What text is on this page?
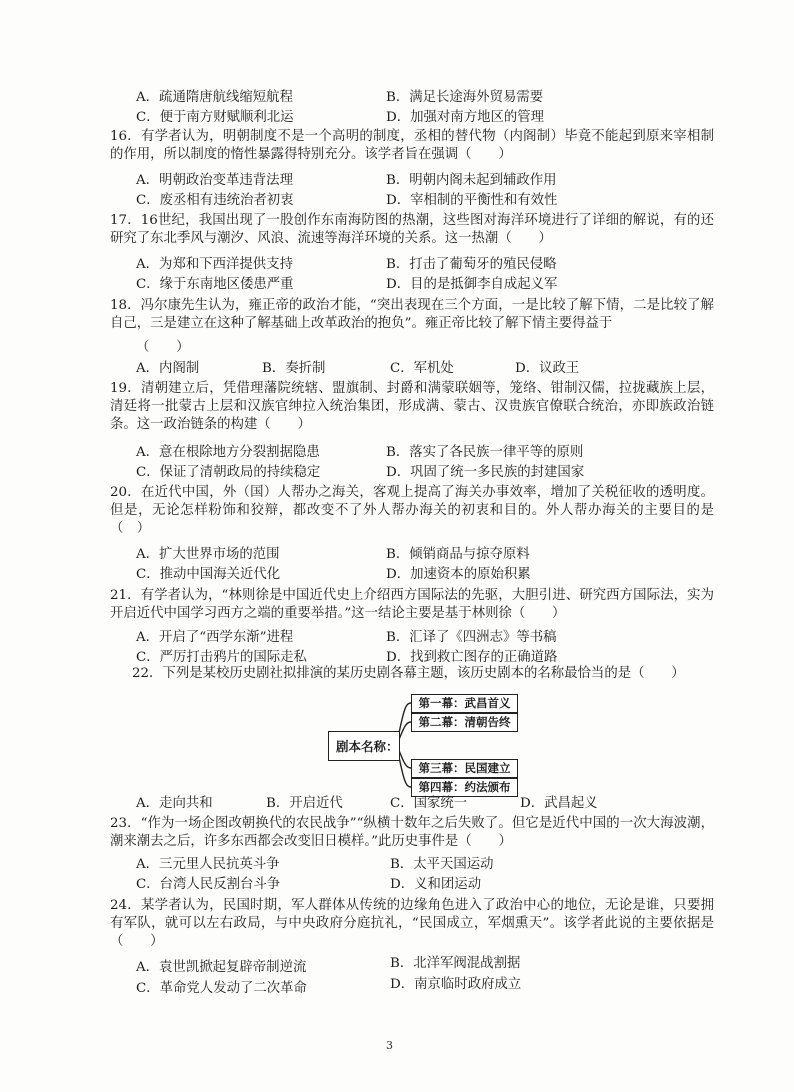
A．疏通隋唐航线缩短航程	B．满足长途海外贸易需要
C．便于南方财赋顺利北运	D．加强对南方地区的管理
16．有学者认为，明朝制度不是一个高明的制度，丞相的替代物（内阁制）毕竟不能起到原来宰相制的作用，所以制度的惰性暴露得特别充分。该学者旨在强调（　　）
A．明朝政治变革违背法理	B．明朝内阁未起到辅政作用
C．废丞相有违统治者初衷	D．宰相制的平衡性和有效性
17．16世纪，我国出现了一股创作东南海防图的热潮，这些图对海洋环境进行了详细的解说，有的还研究了东北季风与潮汐、风浪、流速等海洋环境的关系。这一热潮（　　）
A．为郑和下西洋提供支持	B．打击了葡萄牙的殖民侵略
C．缘于东南地区倭患严重	D．目的是抵御李自成起义军
18．冯尔康先生认为，雍正帝的政治才能，“突出表现在三个方面，一是比较了解下情，二是比较了解自己，三是建立在这种了解基础上改革政治的抱负”。雍正帝比较了解下情主要得益于
（　　）
A．内阁制	B．奏折制	C．军机处	D．议政王
19．清朝建立后，凭借理藩院统辖、盟旗制、封爵和满蒙联姻等，笼络、钳制汉儒，拉拢藏族上层，清廷将一批蒙古上层和汉族官绅拉入统治集团，形成满、蒙古、汉贵族官僚联合统治，亦即族政治链条。这一政治链条的构建（　　）
A．意在根除地方分裂割据隐患	B．落实了各民族一律平等的原则
C．保证了清朝政局的持续稳定	D．巩固了统一多民族的封建国家
20．在近代中国，外（国）人帮办之海关，客观上提高了海关办事效率，增加了关税征收的透明度。但是，无论怎样粉饰和狡辩，都改变不了外人帮办海关的初衷和目的。外人帮办海关的主要目的是（　）
A．扩大世界市场的范围	B．倾销商品与掠夺原料
C．推动中国海关近代化	D．加速资本的原始积累
21．有学者认为，“林则徐是中国近代史上介绍西方国际法的先驱，大胆引进、研究西方国际法，实为开启近代中国学习西方之端的重要举措。”这一结论主要是基于林则徐（　　）
A．开启了“西学东渐”进程	B．汇译了《四洲志》等书稿
C．严厉打击鸦片的国际走私	D．找到救亡图存的正确道路
22．下列是某校历史剧社拟排演的某历史剧各幕主题，该历史剧本的名称最恰当的是（　　）
剧本名称：
第一幕：武昌首义
第二幕：清朝告终
第三幕：民国建立
第四幕：约法颁布
A．走向共和	B．开启近代	C．国家统一	D．武昌起义
23．“作为一场企图改朝换代的农民战争”“纵横十数年之后失败了。但它是近代中国的一次大海波潮，潮来潮去之后，许多东西都会改变旧日模样。”此历史事件是（　　）
A．三元里人民抗英斗争	B．太平天国运动
C．台湾人民反割台斗争	D．义和团运动
24．某学者认为，民国时期，军人群体从传统的边缘角色进入了政治中心的地位，无论是谁，只要拥有军队，就可以左右政局，与中央政府分庭抗礼，“民国成立，军烟熏天”。该学者此说的主要依据是（　　）
A．袁世凯掀起复辟帝制逆流	B．北洋军阀混战割据
C．革命党人发动了二次革命	D．南京临时政府成立
3
